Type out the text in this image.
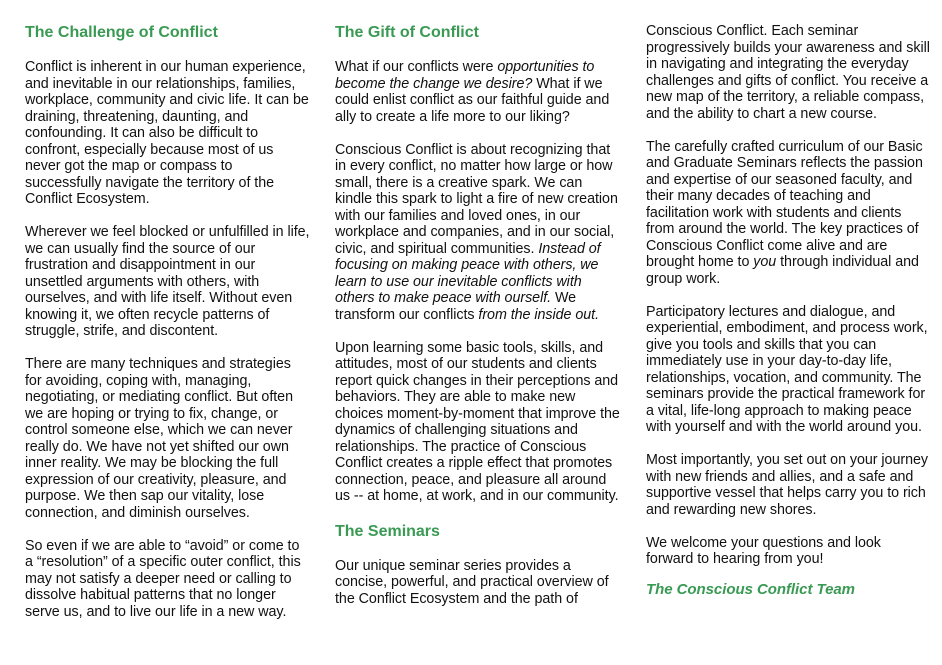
The Challenge of Conflict

Conflict is inherent in our human experience, and inevitable in our relationships, families, workplace, community and civic life. It can be draining, threatening, daunting, and confounding. It can also be difficult to confront, especially because most of us never got the map or compass to successfully navigate the territory of the Conflict Ecosystem.

Wherever we feel blocked or unfulfilled in life, we can usually find the source of our frustration and disappointment in our unsettled arguments with others, with ourselves, and with life itself. Without even knowing it, we often recycle patterns of struggle, strife, and discontent.

There are many techniques and strategies for avoiding, coping with, managing, negotiating, or mediating conflict. But often we are hoping or trying to fix, change, or control someone else, which we can never really do. We have not yet shifted our own inner reality. We may be blocking the full expression of our creativity, pleasure, and purpose. We then sap our vitality, lose connection, and diminish ourselves.

So even if we are able to “avoid” or come to a “resolution” of a specific outer conflict, this may not satisfy a deeper need or calling to dissolve habitual patterns that no longer serve us, and to live our life in a new way.

The Gift of Conflict

What if our conflicts were opportunities to become the change we desire? What if we could enlist conflict as our faithful guide and ally to create a life more to our liking?

Conscious Conflict is about recognizing that in every conflict, no matter how large or how small, there is a creative spark. We can kindle this spark to light a fire of new creation with our families and loved ones, in our workplace and companies, and in our social, civic, and spiritual communities. Instead of focusing on making peace with others, we learn to use our inevitable conflicts with others to make peace with ourself. We transform our conflicts from the inside out.

Upon learning some basic tools, skills, and attitudes, most of our students and clients report quick changes in their perceptions and behaviors. They are able to make new choices moment-by-moment that improve the dynamics of challenging situations and relationships. The practice of Conscious Conflict creates a ripple effect that promotes connection, peace, and pleasure all around us -- at home, at work, and in our community.

The Seminars

Our unique seminar series provides a concise, powerful, and practical overview of the Conflict Ecosystem and the path of

Conscious Conflict. Each seminar progressively builds your awareness and skill in navigating and integrating the everyday challenges and gifts of conflict. You receive a new map of the territory, a reliable compass, and the ability to chart a new course.

The carefully crafted curriculum of our Basic and Graduate Seminars reflects the passion and expertise of our seasoned faculty, and their many decades of teaching and facilitation work with students and clients from around the world. The key practices of Conscious Conflict come alive and are brought home to you through individual and group work.

Participatory lectures and dialogue, and experiential, embodiment, and process work, give you tools and skills that you can immediately use in your day-to-day life, relationships, vocation, and community. The seminars provide the practical framework for a vital, life-long approach to making peace with yourself and with the world around you.

Most importantly, you set out on your journey with new friends and allies, and a safe and supportive vessel that helps carry you to rich and rewarding new shores.

We welcome your questions and look forward to hearing from you!

The Conscious Conflict Team
